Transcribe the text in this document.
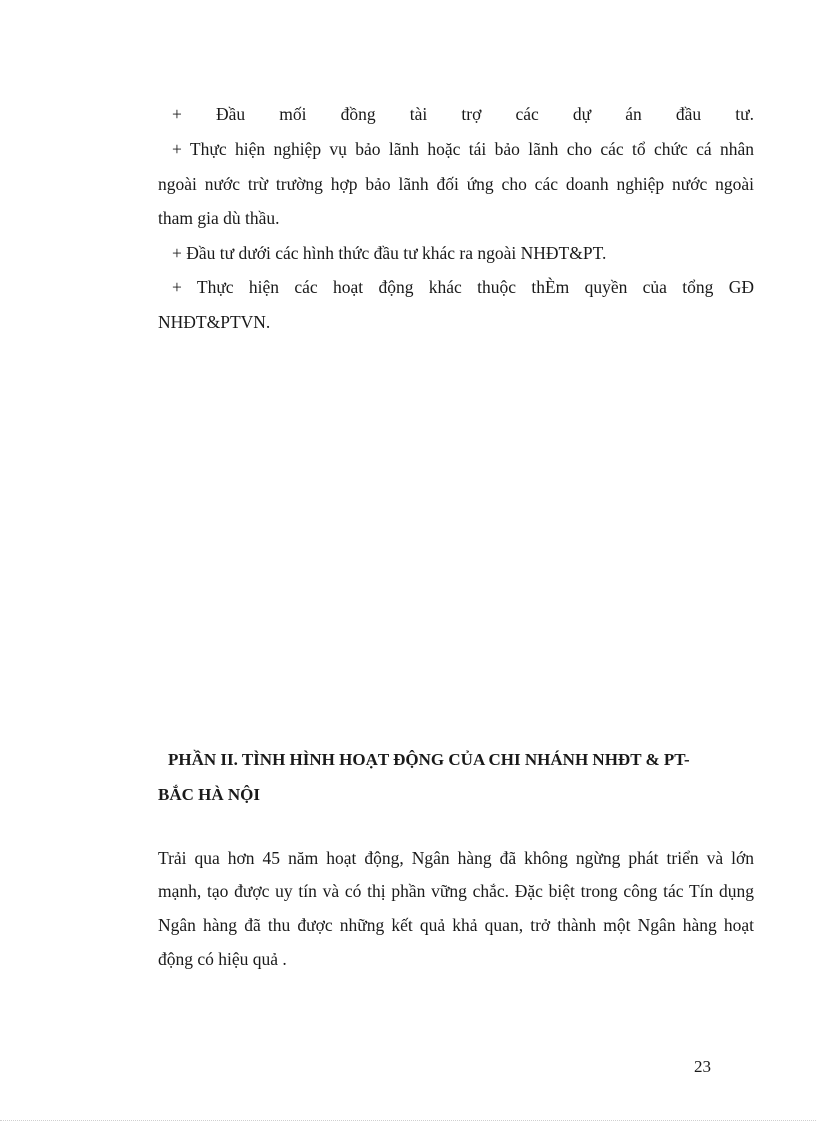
+ Đầu mối đồng tài trợ các dự án đầu tư.
+ Thực hiện nghiệp vụ bảo lãnh hoặc tái bảo lãnh cho các tổ chức cá nhân
ngoài nước trừ trường hợp bảo lãnh đối ứng cho các doanh nghiệp nước ngoài
tham gia dù thầu.
+ Đầu tư dưới các hình thức đầu tư khác ra ngoài NHĐT&PT.
+ Thực hiện các hoạt động khác thuộc thÈm quyền của tổng GĐ
NHĐT&PTVN.
PHẦN II. TÌNH HÌNH HOẠT ĐỘNG CỦA CHI NHÁNH NHĐT & PT-
BẮC HÀ NỘI
Trải qua hơn 45 năm hoạt động, Ngân hàng đã không ngừng phát triển và lớn
mạnh, tạo được uy tín và có thị phần vững chắc. Đặc biệt trong công tác Tín dụng
Ngân hàng đã thu được những kết quả khả quan, trở thành một Ngân hàng hoạt
động có hiệu quả .
23
